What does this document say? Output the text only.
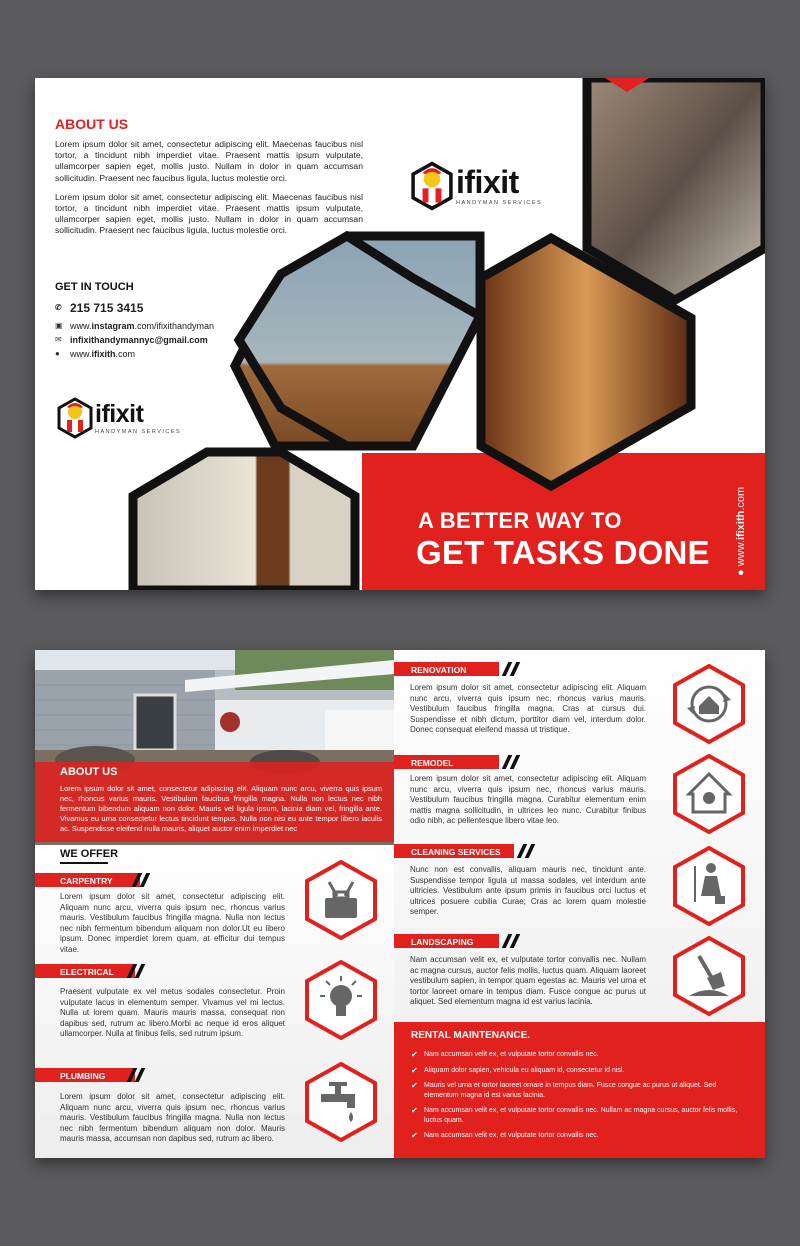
ABOUT US

Lorem ipsum dolor sit amet, consectetur adipiscing elit. Maecenas faucibus nisl tortor, a tincidunt nibh imperdiet vitae. Praesent mattis ipsum vulputate, ullamcorper sapien eget, mollis justo. Nullam in dolor in quam accumsan sollicitudin. Praesent nec faucibus ligula, luctus molestie orci.

Lorem ipsum dolor sit amet, consectetur adipiscing elit. Maecenas faucibus nisl tortor, a tincidunt nibh imperdiet vitae. Praesent mattis ipsum vulputate, ullamcorper sapien eget, mollis justo. Nullam in dolor in quam accumsan sollicitudin. Praesent nec faucibus ligula, luctus molestie orci.

GET IN TOUCH
✆ 215 715 3415
▣ www. instagram .com/ifixithandyman
✉ infixithandymannyc@gmail.com
●	www. ifixith .com
ifixit
HANDYMAN SERVICES
ifixit
HANDYMAN SERVICES
A BETTER WAY TO
GET TASKS DONE
● www.ifixith.com
ABOUT US
Lorem ipsum dolor sit amet, consectetur adipiscing elit. Aliquam nunc arcu, viverra quis ipsum nec, rhoncus varius mauris. Vestibulum faucibus fringilla magna. Nulla non lectus nec nibh fermentum bibendum aliquam non dolor. Mauris vel ligula ipsum, lacinia diam vel, fringilla ante. Vivamus eu urna consectetur lectus tincidunt tempus. Nulla non nisi eu ante tempor libero iaculis ac. Suspendisse eleifend nulla mauris, aliquet auctor enim imperdiet nec
WE OFFER
CARPENTRY
Lorem ipsum dolor sit amet, consectetur adipiscing elit. Aliquam nunc arcu, viverra quis ipsum nec, rhoncus varius mauris. Vestibulum faucibus fringilla magna. Nulla non lectus nec nibh fermentum bibendum aliquam non dolor.Ut eu libero ipsum. Donec imperdiet lorem quam, at efficitur dui tempus vitae.
ELECTRICAL
Praesent vulputate ex vel metus sodales consectetur. Proin vulputate lacus in elementum semper. Vivamus vel mi lectus. Nulla ut lorem quam. Mauris mauris massa, consequat non dapibus sed, rutrum ac libero.Morbi ac neque id eros aliquet ullamcorper. Nulla at finibus felis, sed rutrum ipsum.
PLUMBING
Lorem ipsum dolor sit amet, consectetur adipiscing elit. Aliquam nunc arcu, viverra quis ipsum nec, rhoncus varius mauris. Vestibulum faucibus fringilla magna. Nulla non lectus nec nibh fermentum bibendum aliquam non dolor. Mauris mauris massa, accumsan non dapibus sed, rutrum ac libero.
RENOVATION
Lorem ipsum dolor sit amet, consectetur adipiscing elit. Aliquam nunc arcu, viverra quis ipsum nec, rhoncus varius mauris. Vestibulum faucibus fringilla magna. Cras at cursus dui. Suspendisse et nibh dictum, porttitor diam vel, interdum dolor. Donec consequat eleifend massa ut tristique.
REMODEL
Lorem ipsum dolor sit amet, consectetur adipiscing elit. Aliquam nunc arcu, viverra quis ipsum nec, rhoncus varius mauris. Vestibulum faucibus fringilla magna. Curabitur elementum enim mattis magna sollicitudin, in ultrices leo nunc. Curabitur finibus odio nibh, ac pellentesque libero vitae leo.
CLEANING SERVICES
Nunc non est convallis, aliquam mauris nec, tincidunt ante. Suspendisse tempor ligula ut massa sodales, vel interdum ante ultricies. Vestibulum ante ipsum primis in faucibus orci luctus et ultrices posuere cubilia Curae; Cras ac lorem quam molestie semper.
LANDSCAPING
Nam accumsan velit ex, et vulputate tortor convallis nec. Nullam ac magna cursus, auctor felis mollis, luctus quam. Aliquam laoreet vestibulum sapien, in tempor quam egestas ac. Mauris vel urna et tortor laoreet ornare in tempus diam. Fusce congue ac purus ut aliquet. Sed elementum magna id est varius lacinia.
RENTAL MAINTENANCE.
✔ Nam accumsan velit ex, et vulputate tortor convallis nec.
✔ Aliquam dolor sapien, vehicula eu aliquam id, consectetur id nisl.
✔ Mauris vel urna et tortor laoreet ornare in tempus diam. Fusce congue ac purus ut aliquet. Sed elementum magna id est varius lacinia.
✔ Nam accumsan velit ex, et vulputate tortor convallis nec. Nullam ac magna cursus, auctor felis mollis, luctus quam.
✔ Nam accumsan velit ex, et vulputate tortor convallis nec.
